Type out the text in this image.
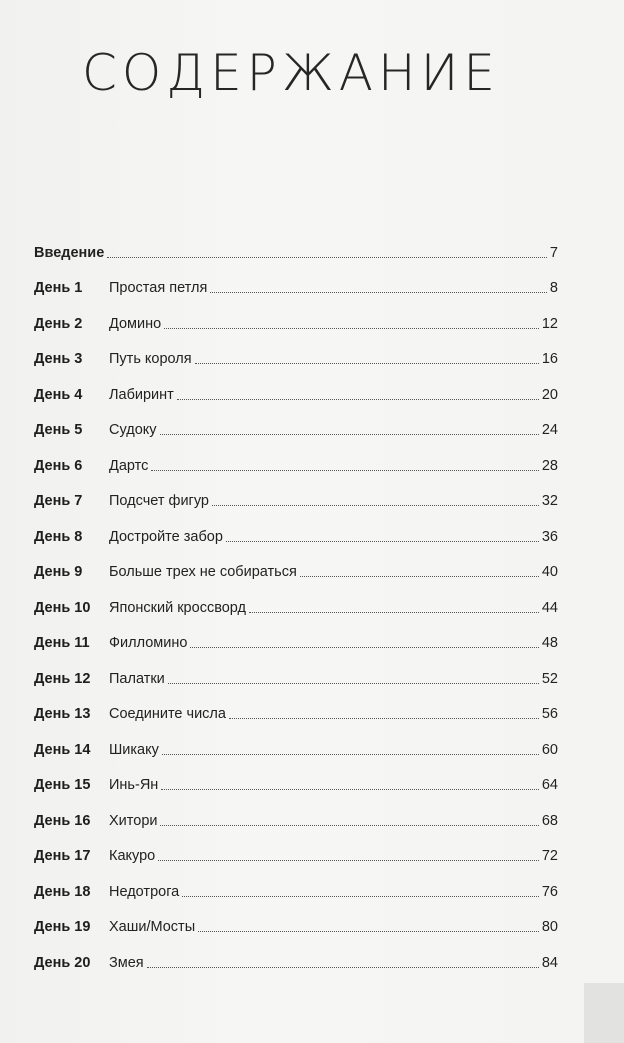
СОДЕРЖАНИЕ
Введение	7
День 1	Простая петля	8
День 2	Домино	12
День 3	Путь короля	16
День 4	Лабиринт	20
День 5	Судоку	24
День 6	Дартс	28
День 7	Подсчет фигур	32
День 8	Достройте забор	36
День 9	Больше трех не собираться	40
День 10	Японский кроссворд	44
День 11	Филломино	48
День 12	Палатки	52
День 13	Соедините числа	56
День 14	Шикаку	60
День 15	Инь-Ян	64
День 16	Хитори	68
День 17	Какуро	72
День 18	Недотрога	76
День 19	Хаши/Мосты	80
День 20	Змея	84
